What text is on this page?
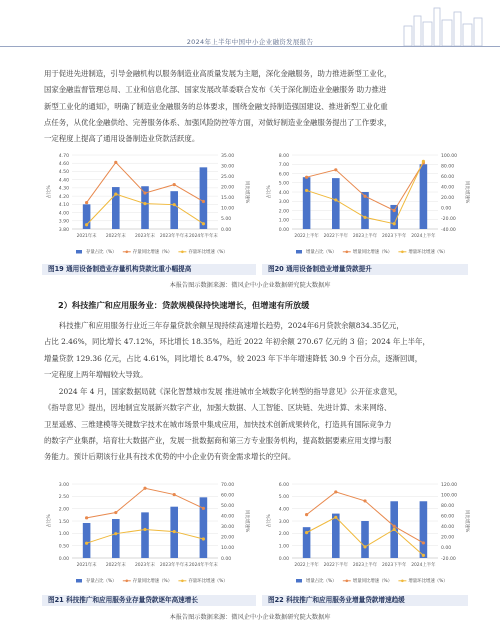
2024年上半年中国中小企业融资发展报告

用于促进先进制造，引导金融机构以服务制造业高质量发展为主题，深化金融服务，助力推进新型工业化，

国家金融监督管理总局、工业和信息化部、国家发展改革委联合发布《关于深化制造业金融服务 助力推进

新型工业化的通知》，明确了制造业金融服务的总体要求，围绕金融支持制造强国建设、推进新型工业化重

点任务，从优化金融供给、完善服务体系、加强风险防控等方面，对做好制造业金融服务提出了工作要求，

一定程度上提高了通用设备制造业贷款活跃度。

4.70
4.60
4.50
4.40
4.30
4.20
4.10
4.00
3.90
3.80
35.00
30.00
25.00
20.00
15.00
10.00
5.00
0.00
占比%	同比增速%
2021年末 2022年末 2023年末 2023年半年末 2024年半年末
存量占比（%）	存量同比增速（%）	存量环比增速（%）
8.00
7.00
6.00
5.00
4.00
3.00
2.00
1.00
0.00
100.00
80.00
60.00
40.00
20.00
0.00
-20.00
-40.00
占比%	同比增速%
2022上半年 2022下半年 2023上半年 2023下半年 2024上半年
增量占比（%）	增量同比增速（%）	增量环比增速（%）
图19 通用设备制造业存量机构贷款比重小幅提高	图20 通用设备制造业增量贷款提升
本报告图示数据来源：微风企中小企业数据研究院大数据库
2）科技推广和应用服务业：贷款规模保持快速增长，但增速有所放缓

科技推广和应用服务行业近三年存量贷款余额呈现持续高速增长趋势，2024年6月贷款余额834.35亿元，

占比 2.46%，同比增长 47.12%，环比增长 18.35%，趋近 2022 年初余额 270.67 亿元的 3 倍；2024 年上半年，

增量贷款 129.36 亿元，占比 4.61%，同比增长 8.47%，较 2023 年下半年增速降低 30.9 个百分点，逐渐回调，

一定程度上两年增幅较大导致。

2024 年 4 月，国家数据局就《深化智慧城市发展 推进城市全域数字化转型的指导意见》公开征求意见，

《指导意见》提出，因地制宜发展新兴数字产业，加强大数据、人工智能、区块链、先进计算、未来网络、

卫星遥感、三维建模等关键数字技术在城市场景中集成应用，加快技术创新成果转化，打造具有国际竞争力

的数字产业集群，培育壮大数据产业，发展一批数据商和第三方专业服务机构，提高数据要素应用支撑与服

务能力。预计后期该行业具有技术优势的中小企业仍有资金需求增长的空间。

3.00
2.50
2.00
1.50
1.00
0.50
0.00
70.00
60.00
50.00
40.00
30.00
20.00
10.00
0.00
占比%	同比增速%
2021年末 2022年末 2023年末 2023年半年末 2024年半年末
存量占比（%）	存量同比增速（%）	存量环比增速（%）
6.00
5.00
4.00
3.00
2.00
1.00
0.00
120.00
100.00
80.00
60.00
40.00
20.00
0.00
-20.00
占比%	同比增速%
2022上半年 2022下半年 2023上半年 2023下半年 2024上半年
增量占比（%）	增量同比增速（%）	增量环比增速（%）
图21 科技推广和应用服务业存量贷款逐年高速增长	图22 科技推广和应用服务业增量贷款增速趋缓
本报告图示数据来源：微风企中小企业数据研究院大数据库
